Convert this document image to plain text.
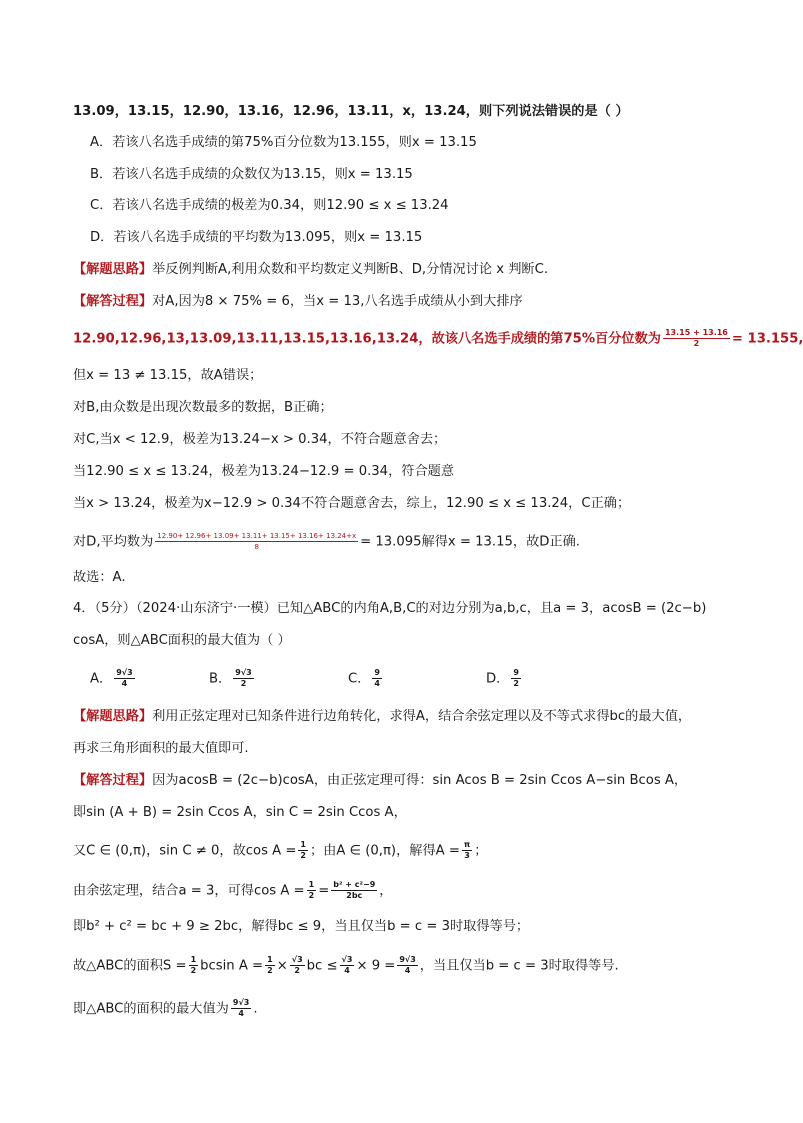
13.09，13.15，12.90，13.16，12.96，13.11，x，13.24，则下列说法错误的是（ ）
A．若该八名选手成绩的第75%百分位数为13.155，则x = 13.15
B．若该八名选手成绩的众数仅为13.15，则x = 13.15
C．若该八名选手成绩的极差为0.34，则12.90 ≤ x ≤ 13.24
D．若该八名选手成绩的平均数为13.095，则x = 13.15
【解题思路】举反例判断A,利用众数和平均数定义判断B、D,分情况讨论 x 判断C.
【解答过程】对A,因为8 × 75% = 6，当x = 13,八名选手成绩从小到大排序
12.90,12.96,13,13.09,13.11,13.15,13.16,13.24，故该八名选手成绩的第75%百分位数为 $\frac{13.15 + 13.16}{2} = 13.155$,
但x = 13 ≠ 13.15，故A错误；
对B,由众数是出现次数最多的数据，B正确；
对C,当x < 12.9，极差为13.24−x > 0.34，不符合题意舍去；
当12.90 ≤ x ≤ 13.24，极差为13.24−12.9 = 0.34，符合题意
当x > 13.24，极差为x−12.9 > 0.34不符合题意舍去，综上，12.90 ≤ x ≤ 13.24，C正确；
对D,平均数为 $\frac{12.90+ 12.96+ 13.09+ 13.11+ 13.15+ 13.16+ 13.24+x}{8} = 13.095$解得x = 13.15，故D正确.
故选：A.
4．（5分）（2024·山东济宁·一模）已知△ABC的内角A,B,C的对边分别为a,b,c，且a = 3，acosB = (2c−b)
cosA，则△ABC面积的最大值为（ ）
A． $\frac{9√3}{4}$	B． $\frac{9√3}{2}$	C． $\frac{9}{4}$	D． $\frac{9}{2}$
【解题思路】利用正弦定理对已知条件进行边角转化，求得A，结合余弦定理以及不等式求得bc的最大值，
再求三角形面积的最大值即可.
【解答过程】因为acosB = (2c−b)cosA，由正弦定理可得：sin Acos B = 2sin Ccos A−sin Bcos A，
即sin (A + B) = 2sin Ccos A，sin C = 2sin Ccos A，
又C ∈ (0,π)，sin C ≠ 0，故$\cos A = \frac{1}{2}$ ；由A ∈ (0,π)，解得$A = \frac{\pi}{3}$ ；
由余弦定理，结合a = 3，可得$\cos A = \frac{1}{2} = \frac{\text{b² + c²−9}}{2bc}$ ，
即b² + c² = bc + 9 ≥ 2bc，解得bc ≤ 9，当且仅当b = c = 3时取得等号；
故△ABC的面积$S = \frac{1}{2}$ bcsin $A = \frac{1}{2} \times \frac{√3}{2}$ bc ≤ $\frac{√3}{4} \times 9 = \frac{9√3}{4}$ ，当且仅当b = c = 3时取得等号.
即△ABC的面积的最大值为 $\frac{9√3}{4}$ .
